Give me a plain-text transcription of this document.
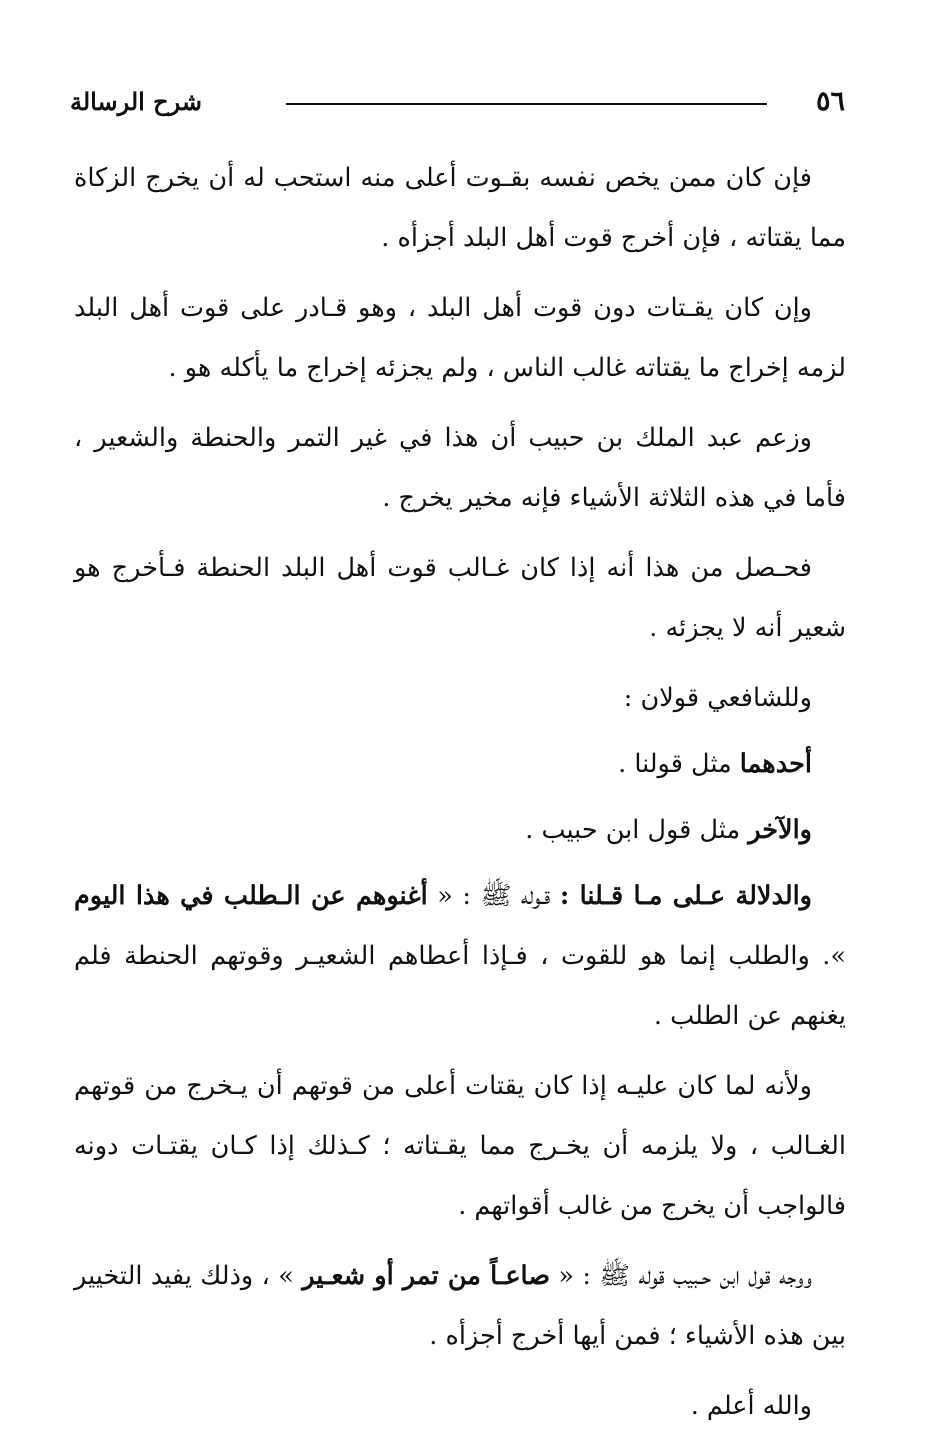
٥٦
شرح الرسالة

فإن كان ممن يخص نفسه بقـوت أعلى منه استحب له أن يخرج الزكاة مما يقتاته ، فإن أخرج قوت أهل البلد أجزأه .

وإن كان يقـتات دون قوت أهل البلد ، وهو قـادر على قوت أهل البلد لزمه إخراج ما يقتاته غالب الناس ، ولم يجزئه إخراج ما يأكله هو .

وزعم عبد الملك بن حبيب أن هذا في غير التمر والحنطة والشعير ، فأما في هذه الثلاثة الأشياء فإنه مخير يخرج .

فحـصل من هذا أنه إذا كان غـالب قوت أهل البلد الحنطة فـأخرج هو شعير أنه لا يجزئه .

وللشافعي قولان :

أحدهما مثل قولنا .

والآخر مثل قول ابن حبيب .

والدلالة عـلى مـا قـلنا : قـوله ﷺ : « أغنوهم عن الـطلب في هذا اليوم ». والطلب إنما هو للقوت ، فـإذا أعطاهم الشعيـر وقوتهم الحنطة فلم يغنهم عن الطلب .

ولأنه لما كان عليـه إذا كان يقتات أعلى من قوتهم أن يـخرج من قوتهم الغـالب ، ولا يلزمه أن يخـرج مما يقـتاته ؛ كـذلك إذا كـان يقتـات دونه فالواجب أن يخرج من غالب أقواتهم .

ووجه قول ابن حـبيب قوله ﷺ : « صاعـاً من تمر أو شعـير » ، وذلك يفيد التخيير بين هذه الأشياء ؛ فمن أيها أخرج أجزأه .

والله أعلم .
